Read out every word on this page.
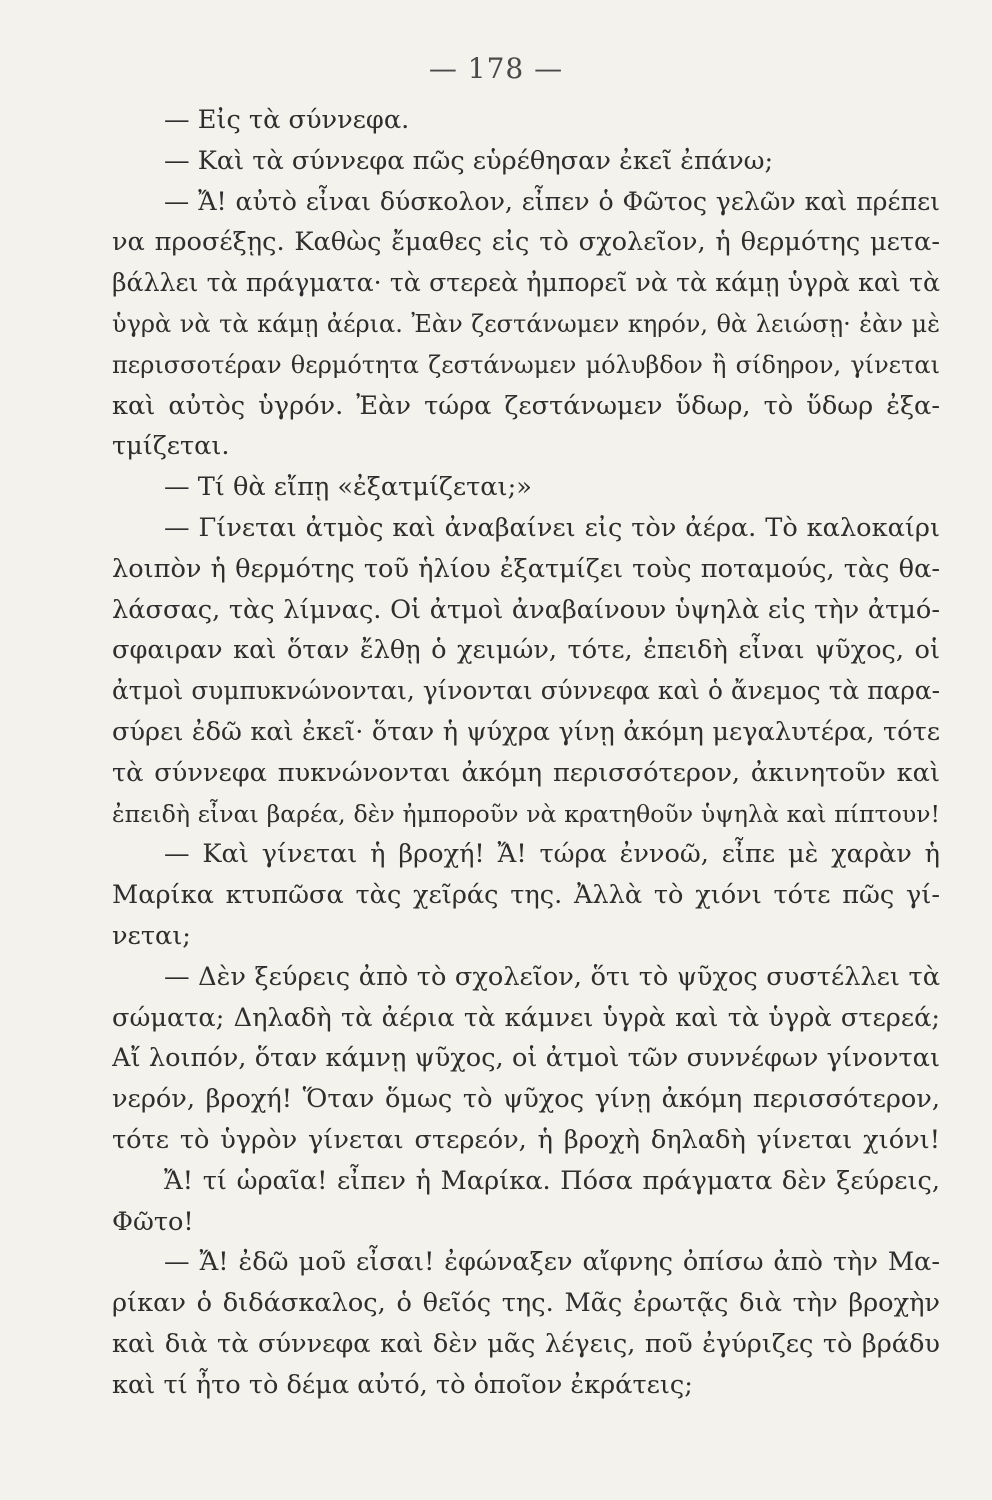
— 178 —
— Εἰς τὰ σύννεφα.
— Καὶ τὰ σύννεφα πῶς εὑρέθησαν ἐκεῖ ἐπάνω;
— Ἄ! αὐτὸ εἶναι δύσκολον, εἶπεν ὁ Φῶτος γελῶν καὶ πρέπει
να προσέξῃς. Καθὼς ἔμαθες εἰς τὸ σχολεῖον, ἡ θερμότης μετα-
βάλλει τὰ πράγματα· τὰ στερεὰ ἠμπορεῖ νὰ τὰ κάμῃ ὑγρὰ καὶ τὰ
ὑγρὰ νὰ τὰ κάμῃ ἀέρια. Ἐὰν ζεστάνωμεν κηρόν, θὰ λειώσῃ· ἐὰν μὲ
περισσοτέραν θερμότητα ζεστάνωμεν μόλυβδον ἢ σίδηρον, γίνεται
καὶ αὐτὸς ὑγρόν. Ἐὰν τώρα ζεστάνωμεν ὕδωρ, τὸ ὕδωρ ἐξα-
τμίζεται.
— Τί θὰ εἴπῃ «ἐξατμίζεται;»
— Γίνεται ἀτμὸς καὶ ἀναβαίνει εἰς τὸν ἀέρα. Τὸ καλοκαίρι
λοιπὸν ἡ θερμότης τοῦ ἡλίου ἐξατμίζει τοὺς ποταμούς, τὰς θα-
λάσσας, τὰς λίμνας. Οἱ ἀτμοὶ ἀναβαίνουν ὑψηλὰ εἰς τὴν ἀτμό-
σφαιραν καὶ ὅταν ἔλθῃ ὁ χειμών, τότε, ἐπειδὴ εἶναι ψῦχος, οἱ
ἀτμοὶ συμπυκνώνονται, γίνονται σύννεφα καὶ ὁ ἄνεμος τὰ παρα-
σύρει ἐδῶ καὶ ἐκεῖ· ὅταν ἡ ψύχρα γίνῃ ἀκόμη μεγαλυτέρα, τότε
τὰ σύννεφα πυκνώνονται ἀκόμη περισσότερον, ἀκινητοῦν καὶ
ἐπειδὴ εἶναι βαρέα, δὲν ἠμποροῦν νὰ κρατηθοῦν ὑψηλὰ καὶ πίπτουν!
— Καὶ γίνεται ἡ βροχή! Ἄ! τώρα ἐννοῶ, εἶπε μὲ χαρὰν ἡ
Μαρίκα κτυπῶσα τὰς χεῖράς της. Ἀλλὰ τὸ χιόνι τότε πῶς γί-
νεται;
— Δὲν ξεύρεις ἀπὸ τὸ σχολεῖον, ὅτι τὸ ψῦχος συστέλλει τὰ
σώματα; Δηλαδὴ τὰ ἀέρια τὰ κάμνει ὑγρὰ καὶ τὰ ὑγρὰ στερεά;
Αἴ λοιπόν, ὅταν κάμνῃ ψῦχος, οἱ ἀτμοὶ τῶν συννέφων γίνονται
νερόν, βροχή! Ὅταν ὅμως τὸ ψῦχος γίνῃ ἀκόμη περισσότερον,
τότε τὸ ὑγρὸν γίνεται στερεόν, ἡ βροχὴ δηλαδὴ γίνεται χιόνι!
Ἄ! τί ὡραῖα! εἶπεν ἡ Μαρίκα. Πόσα πράγματα δὲν ξεύρεις,
Φῶτο!
— Ἄ! ἐδῶ μοῦ εἶσαι! ἐφώναξεν αἴφνης ὀπίσω ἀπὸ τὴν Μα-
ρίκαν ὁ διδάσκαλος, ὁ θεῖός της. Μᾶς ἐρωτᾷς διὰ τὴν βροχὴν
καὶ διὰ τὰ σύννεφα καὶ δὲν μᾶς λέγεις, ποῦ ἐγύριζες τὸ βράδυ
καὶ τί ἦτο τὸ δέμα αὐτό, τὸ ὁποῖον ἐκράτεις;
